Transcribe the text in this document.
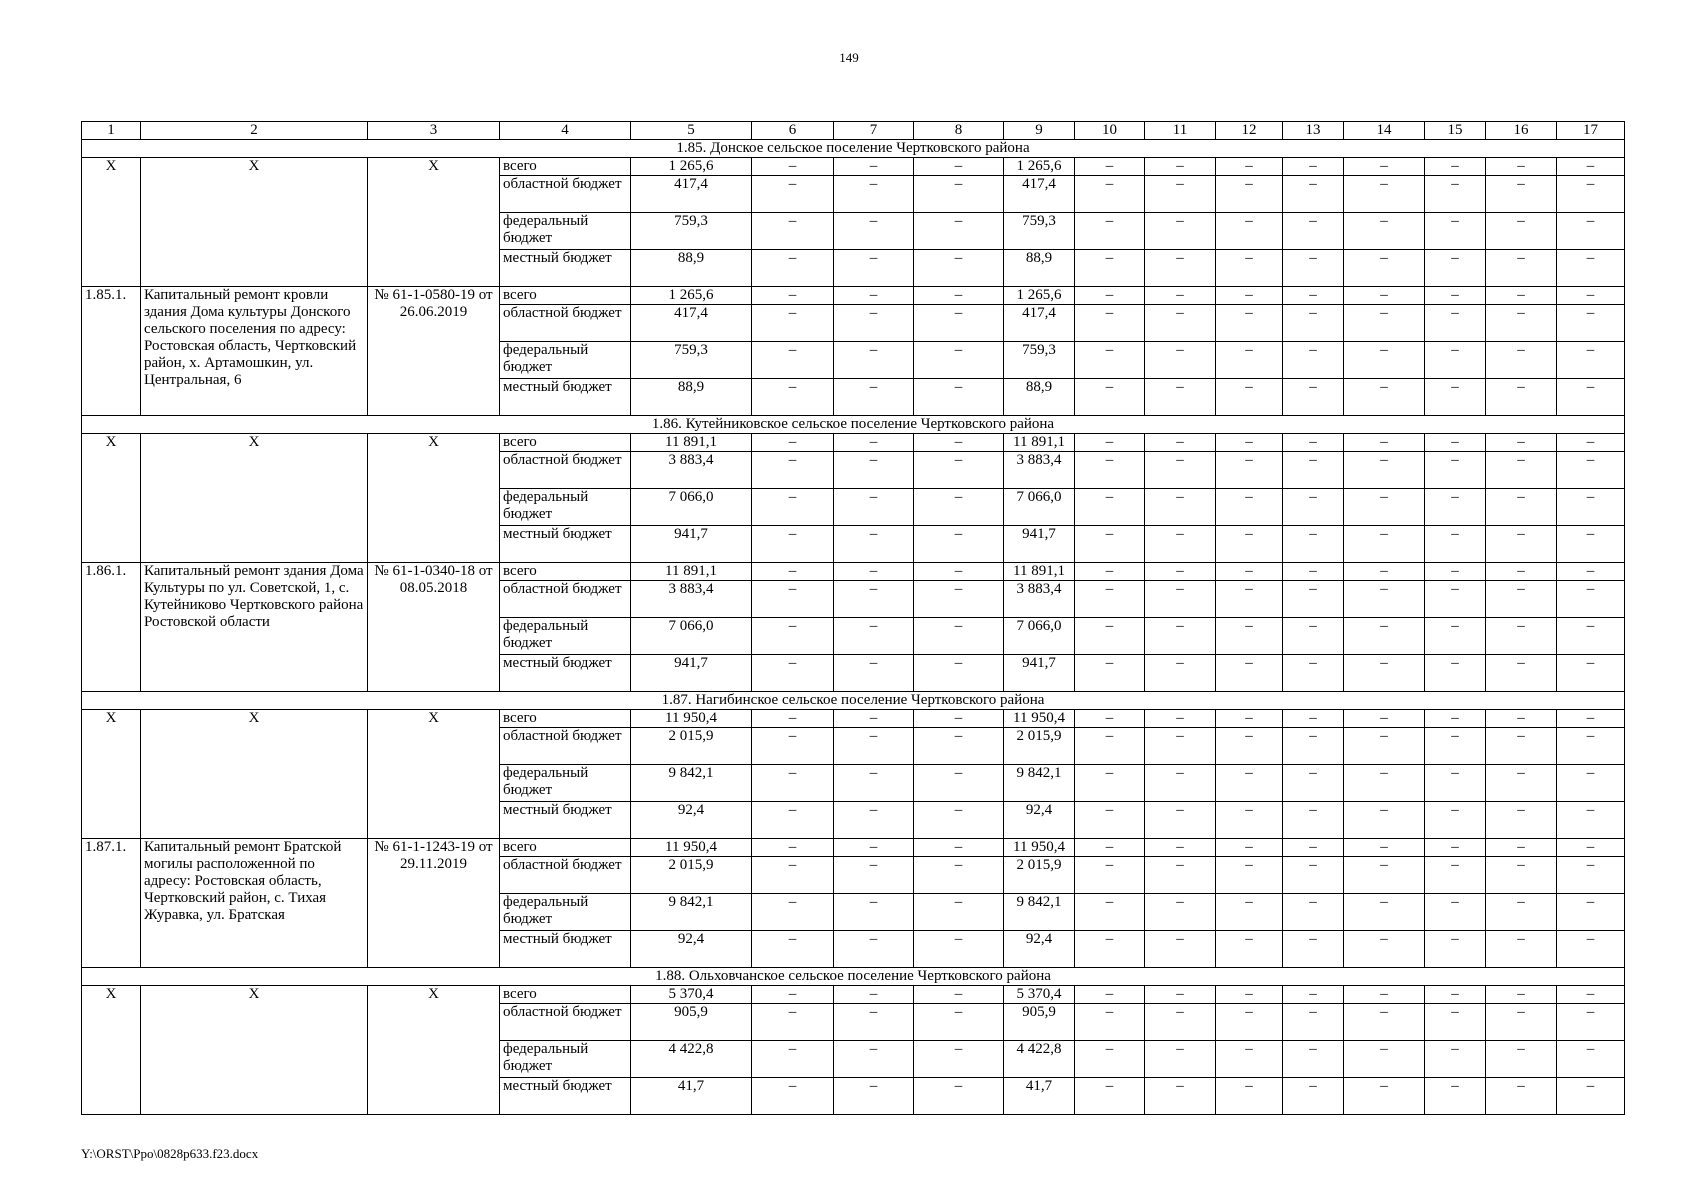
149
1	2	3	4	5	6	7	8	9	10	11	12	13	14	15	16	17
1.85. Донское сельское поселение Чертковского района																
Х	Х	Х	всего	1 265,6	–	–	–	1 265,6	–	–	–	–	–	–	–	–
			областной бюджет	417,4	–	–	–	417,4	–	–	–	–	–	–	–	–
			федеральный бюджет	759,3	–	–	–	759,3	–	–	–	–	–	–	–	–
			местный бюджет	88,9	–	–	–	88,9	–	–	–	–	–	–	–	–
1.85.1.	Капитальный ремонт кровли здания Дома культуры Донского сельского поселения по адресу: Ростовская область, Чертковский район, х. Артамошкин, ул. Центральная, 6	№ 61-1-0580-19 от 26.06.2019	всего	1 265,6	–	–	–	1 265,6	–	–	–	–	–	–	–	–
			областной бюджет	417,4	–	–	–	417,4	–	–	–	–	–	–	–	–
			федеральный бюджет	759,3	–	–	–	759,3	–	–	–	–	–	–	–	–
			местный бюджет	88,9	–	–	–	88,9	–	–	–	–	–	–	–	–
1.86. Кутейниковское сельское поселение Чертковского района																
Х	Х	Х	всего	11 891,1	–	–	–	11 891,1	–	–	–	–	–	–	–	–
			областной бюджет	3 883,4	–	–	–	3 883,4	–	–	–	–	–	–	–	–
			федеральный бюджет	7 066,0	–	–	–	7 066,0	–	–	–	–	–	–	–	–
			местный бюджет	941,7	–	–	–	941,7	–	–	–	–	–	–	–	–
1.86.1.	Капитальный ремонт здания Дома Культуры по ул. Советской, 1, с. Кутейниково Чертковского района Ростовской области	№ 61-1-0340-18 от 08.05.2018	всего	11 891,1	–	–	–	11 891,1	–	–	–	–	–	–	–	–
			областной бюджет	3 883,4	–	–	–	3 883,4	–	–	–	–	–	–	–	–
			федеральный бюджет	7 066,0	–	–	–	7 066,0	–	–	–	–	–	–	–	–
			местный бюджет	941,7	–	–	–	941,7	–	–	–	–	–	–	–	–
1.87. Нагибинское сельское поселение Чертковского района																
Х	Х	Х	всего	11 950,4	–	–	–	11 950,4	–	–	–	–	–	–	–	–
			областной бюджет	2 015,9	–	–	–	2 015,9	–	–	–	–	–	–	–	–
			федеральный бюджет	9 842,1	–	–	–	9 842,1	–	–	–	–	–	–	–	–
			местный бюджет	92,4	–	–	–	92,4	–	–	–	–	–	–	–	–
1.87.1.	Капитальный ремонт Братской могилы расположенной по адресу: Ростовская область, Чертковский район, с. Тихая Журавка, ул. Братская	№ 61-1-1243-19 от 29.11.2019	всего	11 950,4	–	–	–	11 950,4	–	–	–	–	–	–	–	–
			областной бюджет	2 015,9	–	–	–	2 015,9	–	–	–	–	–	–	–	–
			федеральный бюджет	9 842,1	–	–	–	9 842,1	–	–	–	–	–	–	–	–
			местный бюджет	92,4	–	–	–	92,4	–	–	–	–	–	–	–	–
1.88. Ольховчанское сельское поселение Чертковского района																
Х	Х	Х	всего	5 370,4	–	–	–	5 370,4	–	–	–	–	–	–	–	–
			областной бюджет	905,9	–	–	–	905,9	–	–	–	–	–	–	–	–
			федеральный бюджет	4 422,8	–	–	–	4 422,8	–	–	–	–	–	–	–	–
			местный бюджет	41,7	–	–	–	41,7	–	–	–	–	–	–	–	–
Y:\ORST\Ppo\0828p633.f23.docx
